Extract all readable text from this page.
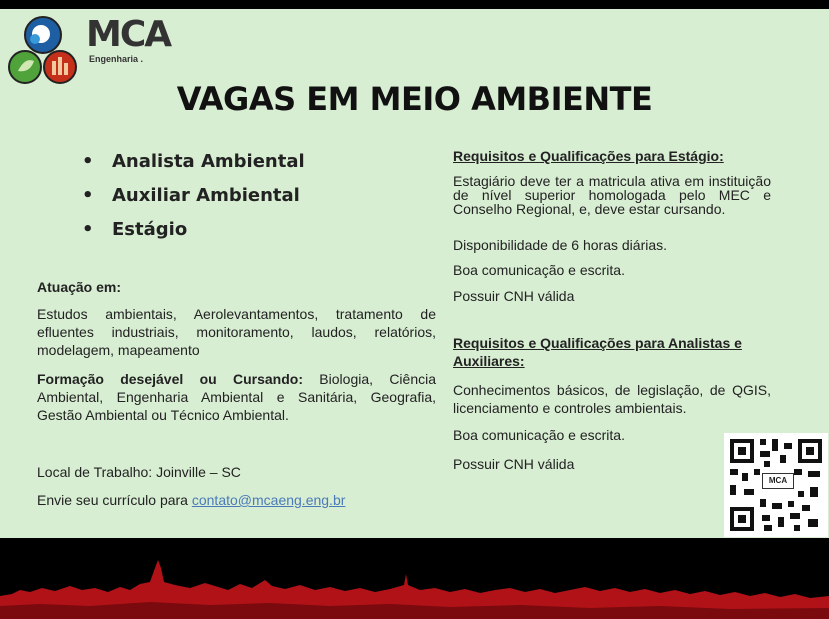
MCA
Engenharia .
VAGAS EM MEIO AMBIENTE
• Analista Ambiental
• Auxiliar Ambiental
• Estágio
Atuação em:
Estudos ambientais, Aerolevantamentos, tratamento de efluentes industriais, monitoramento, laudos, relatórios, modelagem, mapeamento
Formação desejável ou Cursando: Biologia, Ciência Ambiental, Engenharia Ambiental e Sanitária, Geografia, Gestão Ambiental ou Técnico Ambiental.
Local de Trabalho: Joinville – SC
Envie seu currículo para contato@mcaeng.eng.br
Requisitos e Qualificações para Estágio:
Estagiário deve ter a matricula ativa em instituição de nível superior homologada pelo MEC e Conselho Regional, e, deve estar cursando.
Disponibilidade de 6 horas diárias.
Boa comunicação e escrita.
Possuir CNH válida
Requisitos e Qualificações para Analistas e Auxiliares:
Conhecimentos básicos, de legislação, de QGIS, licenciamento e controles ambientais.
Boa comunicação e escrita.
Possuir CNH válida
MCA
